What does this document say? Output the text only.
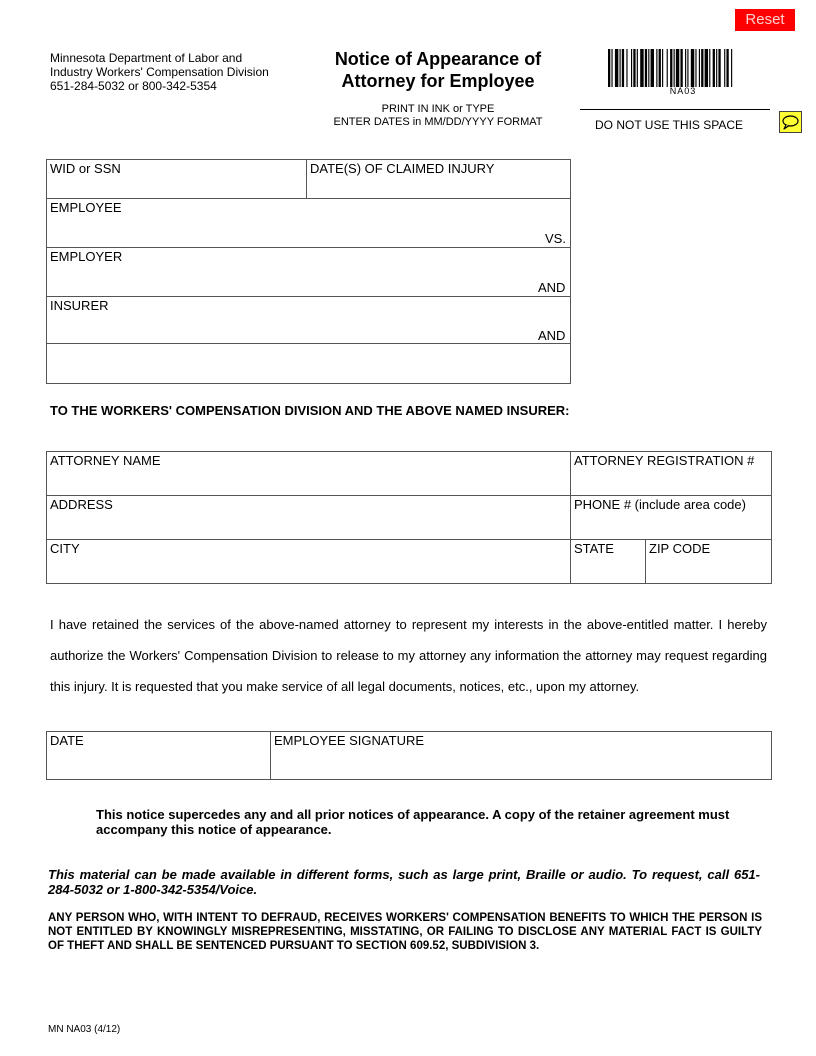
Reset
Minnesota Department of Labor and
Industry Workers' Compensation Division
651-284-5032 or 800-342-5354
Notice of Appearance of
Attorney for Employee
PRINT IN INK or TYPE
ENTER DATES in MM/DD/YYYY FORMAT
NA03
DO NOT USE THIS SPACE
WID or SSN	DATE(S) OF CLAIMED INJURY
EMPLOYEE
VS.
EMPLOYER
AND
INSURER
AND
TO THE WORKERS' COMPENSATION DIVISION AND THE ABOVE NAMED INSURER:
ATTORNEY NAME	ATTORNEY REGISTRATION #
ADDRESS	PHONE # (include area code)
CITY	STATE	ZIP CODE
I have retained the services of the above-named attorney to represent my interests in the above-entitled matter. I hereby authorize the Workers' Compensation Division to release to my attorney any information the attorney may request regarding this injury. It is requested that you make service of all legal documents, notices, etc., upon my attorney.
DATE	EMPLOYEE SIGNATURE
This notice supercedes any and all prior notices of appearance. A copy of the retainer agreement must accompany this notice of appearance.
This material can be made available in different forms, such as large print, Braille or audio. To request, call 651-284-5032 or 1-800-342-5354/Voice.
ANY PERSON WHO, WITH INTENT TO DEFRAUD, RECEIVES WORKERS' COMPENSATION BENEFITS TO WHICH THE PERSON IS NOT ENTITLED BY KNOWINGLY MISREPRESENTING, MISSTATING, OR FAILING TO DISCLOSE ANY MATERIAL FACT IS GUILTY OF THEFT AND SHALL BE SENTENCED PURSUANT TO SECTION 609.52, SUBDIVISION 3.
MN NA03 (4/12)
